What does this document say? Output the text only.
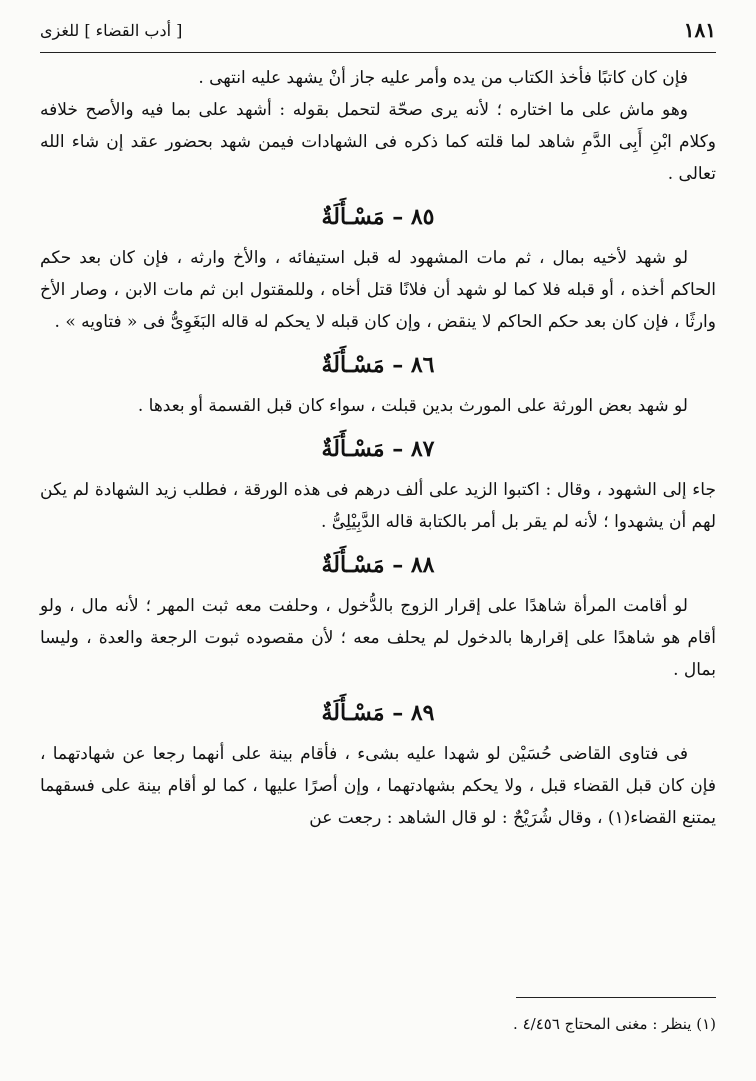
١٨١
[ أدب القضاء ] للغزى

فإن كان كاتبًا فأخذ الكتاب من يده وأمر عليه جاز أنْ يشهد عليه انتهى .

وهو ماش على ما اختاره ؛ لأنه يرى صحّة لتحمل بقوله : أشهد على بما فيه والأصح خلافه وكلام ابْنِ أَبِى الدَّمِ شاهد لما قلته كما ذكره فى الشهادات فيمن شهد بحضور عقد إن شاء الله تعالى .

٨٥ – مَسْـأَلَةٌ

لو شهد لأخيه بمال ، ثم مات المشهود له قبل استيفائه ، والأخ وارثه ، فإن كان بعد حكم الحاكم أخذه ، أو قبله فلا كما لو شهد أن فلانًا قتل أخاه ، وللمقتول ابن ثم مات الابن ، وصار الأخ وارثًا ، فإن كان بعد حكم الحاكم لا ينقض ، وإن كان قبله لا يحكم له قاله البَغَوِىُّ فى « فتاويه » .

٨٦ – مَسْـأَلَةٌ

لو شهد بعض الورثة على المورث بدين قبلت ، سواء كان قبل القسمة أو بعدها .

٨٧ – مَسْـأَلَةٌ

جاء إلى الشهود ، وقال : اكتبوا الزيد على ألف درهم فى هذه الورقة ، فطلب زيد الشهادة لم يكن لهم أن يشهدوا ؛ لأنه لم يقر بل أمر بالكتابة قاله الدَّبِيْلِىُّ .

٨٨ – مَسْـأَلَةٌ

لو أقامت المرأة شاهدًا على إقرار الزوج بالدُّخول ، وحلفت معه ثبت المهر ؛ لأنه مال ، ولو أقام هو شاهدًا على إقرارها بالدخول لم يحلف معه ؛ لأن مقصوده ثبوت الرجعة والعدة ، وليسا بمال .

٨٩ – مَسْـأَلَةٌ

فى فتاوى القاضى حُسَيْن لو شهدا عليه بشىء ، فأقام بينة على أنهما رجعا عن شهادتهما ، فإن كان قبل القضاء قبل ، ولا يحكم بشهادتهما ، وإن أصرًا عليها ، كما لو أقام بينة على فسقهما يمتنع القضاء(١) ، وقال شُرَيْحٌ : لو قال الشاهد : رجعت عن

(١) ينظر : مغنى المحتاج ٤/٤٥٦ .
